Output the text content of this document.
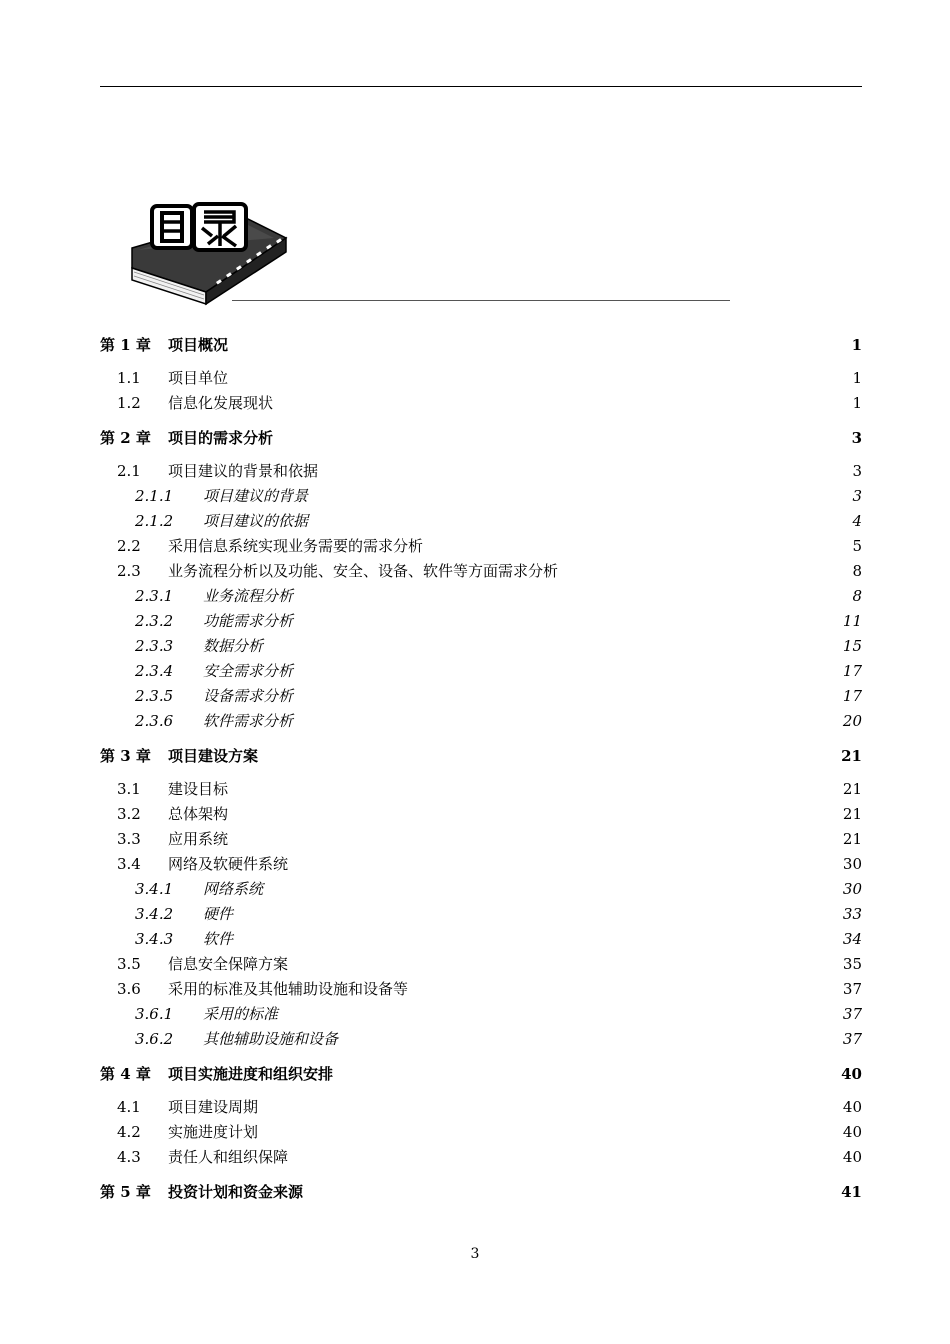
第 1 章 项目概况	1
1.1 项目单位	1
1.2 信息化发展现状	1
第 2 章 项目的需求分析	3
2.1 项目建议的背景和依据	3
2.1.1 项目建议的背景	3
2.1.2 项目建议的依据	4
2.2 采用信息系统实现业务需要的需求分析	5
2.3 业务流程分析以及功能、安全、设备、软件等方面需求分析	8
2.3.1 业务流程分析	8
2.3.2 功能需求分析	11
2.3.3 数据分析	15
2.3.4 安全需求分析	17
2.3.5 设备需求分析	17
2.3.6 软件需求分析	20
第 3 章 项目建设方案	21
3.1 建设目标	21
3.2 总体架构	21
3.3 应用系统	21
3.4 网络及软硬件系统	30
3.4.1 网络系统	30
3.4.2 硬件	33
3.4.3 软件	34
3.5 信息安全保障方案	35
3.6 采用的标准及其他辅助设施和设备等	37
3.6.1 采用的标准	37
3.6.2 其他辅助设施和设备	37
第 4 章 项目实施进度和组织安排	40
4.1 项目建设周期	40
4.2 实施进度计划	40
4.3 责任人和组织保障	40
第 5 章 投资计划和资金来源	41
3
